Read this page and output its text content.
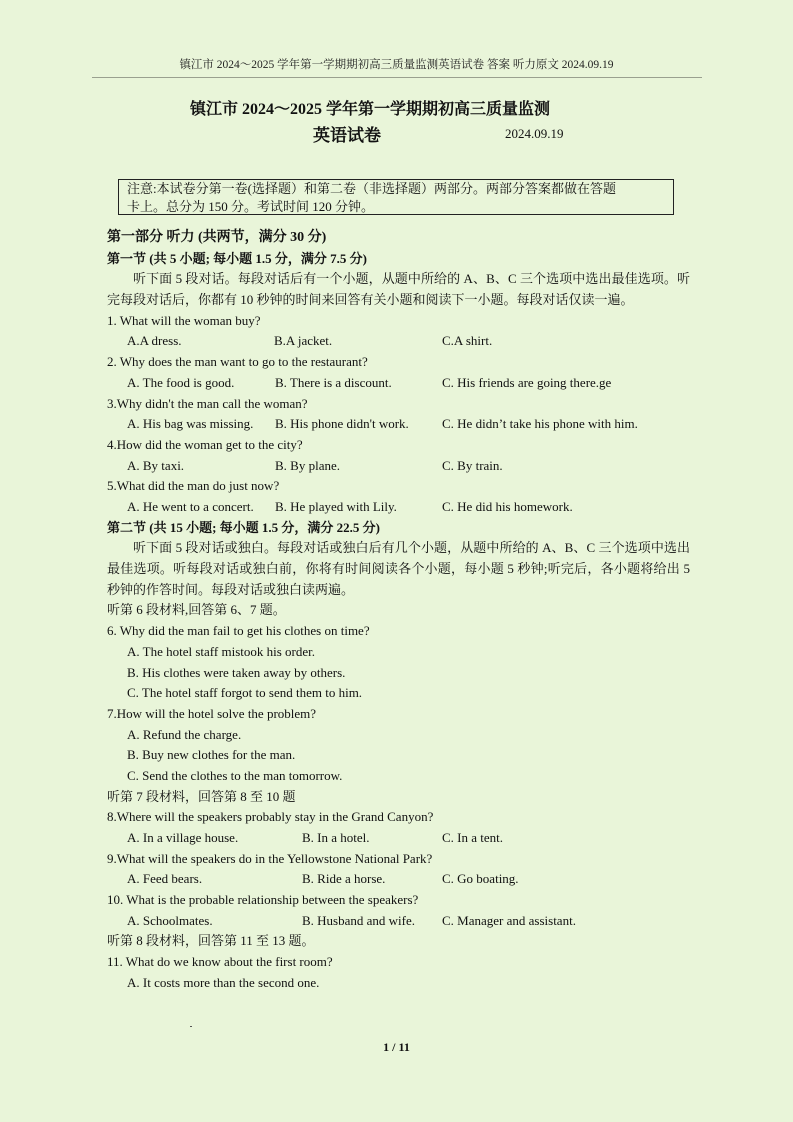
镇江市 2024～2025 学年第一学期期初高三质量监测英语试卷 答案 听力原文 2024.09.19
镇江市 2024～2025 学年第一学期期初高三质量监测
英语试卷	2024.09.19
注意:本试卷分第一卷(选择题）和第二卷（非选择题）两部分。两部分答案都做在答题
卡上。总分为 150 分。考试时间 120 分钟。
第一部分 听力 (共两节，满分 30 分)
第一节 (共 5 小题; 每小题 1.5 分，满分 7.5 分)

听下面 5 段对话。每段对话后有一个小题，从题中所给的 A、B、C 三个选项中选出最佳选项。听完每段对话后，你都有 10 秒钟的时间来回答有关小题和阅读下一小题。每段对话仅读一遍。

1. What will the woman buy?
A.A dress.	B.A jacket.	C.A shirt.
2. Why does the man want to go to the restaurant?
A. The food is good.	B. There is a discount.	C. His friends are going there.ge
3.Why didn't the man call the woman?
A. His bag was missing.	B. His phone didn't work.	C. He didn’t take his phone with him.
4.How did the woman get to the city?
A. By taxi.	B. By plane.	C. By train.
5.What did the man do just now?
A. He went to a concert.	B. He played with Lily.	C. He did his homework.
第二节 (共 15 小题; 每小题 1.5 分，满分 22.5 分)

听下面 5 段对话或独白。每段对话或独白后有几个小题，从题中所给的 A、B、C 三个选项中选出最佳选项。听每段对话或独白前，你将有时间阅读各个小题，每小题 5 秒钟;听完后，各小题将给出 5 秒钟的作答时间。每段对话或独白读两遍。

听第 6 段材料,回答第 6、7 题。
6. Why did the man fail to get his clothes on time?
A. The hotel staff mistook his order.
B. His clothes were taken away by others.
C. The hotel staff forgot to send them to him.
7.How will the hotel solve the problem?
A. Refund the charge.
B. Buy new clothes for the man.
C. Send the clothes to the man tomorrow.
听第 7 段材料，回答第 8 至 10 题
8.Where will the speakers probably stay in the Grand Canyon?
A. In a village house.	B. In a hotel.	C. In a tent.
9.What will the speakers do in the Yellowstone National Park?
A. Feed bears.	B. Ride a horse.	C. Go boating.
10. What is the probable relationship between the speakers?
A. Schoolmates.	B. Husband and wife.	C. Manager and assistant.
听第 8 段材料，回答第 11 至 13 题。
11. What do we know about the first room?
A. It costs more than the second one.
1 / 11
